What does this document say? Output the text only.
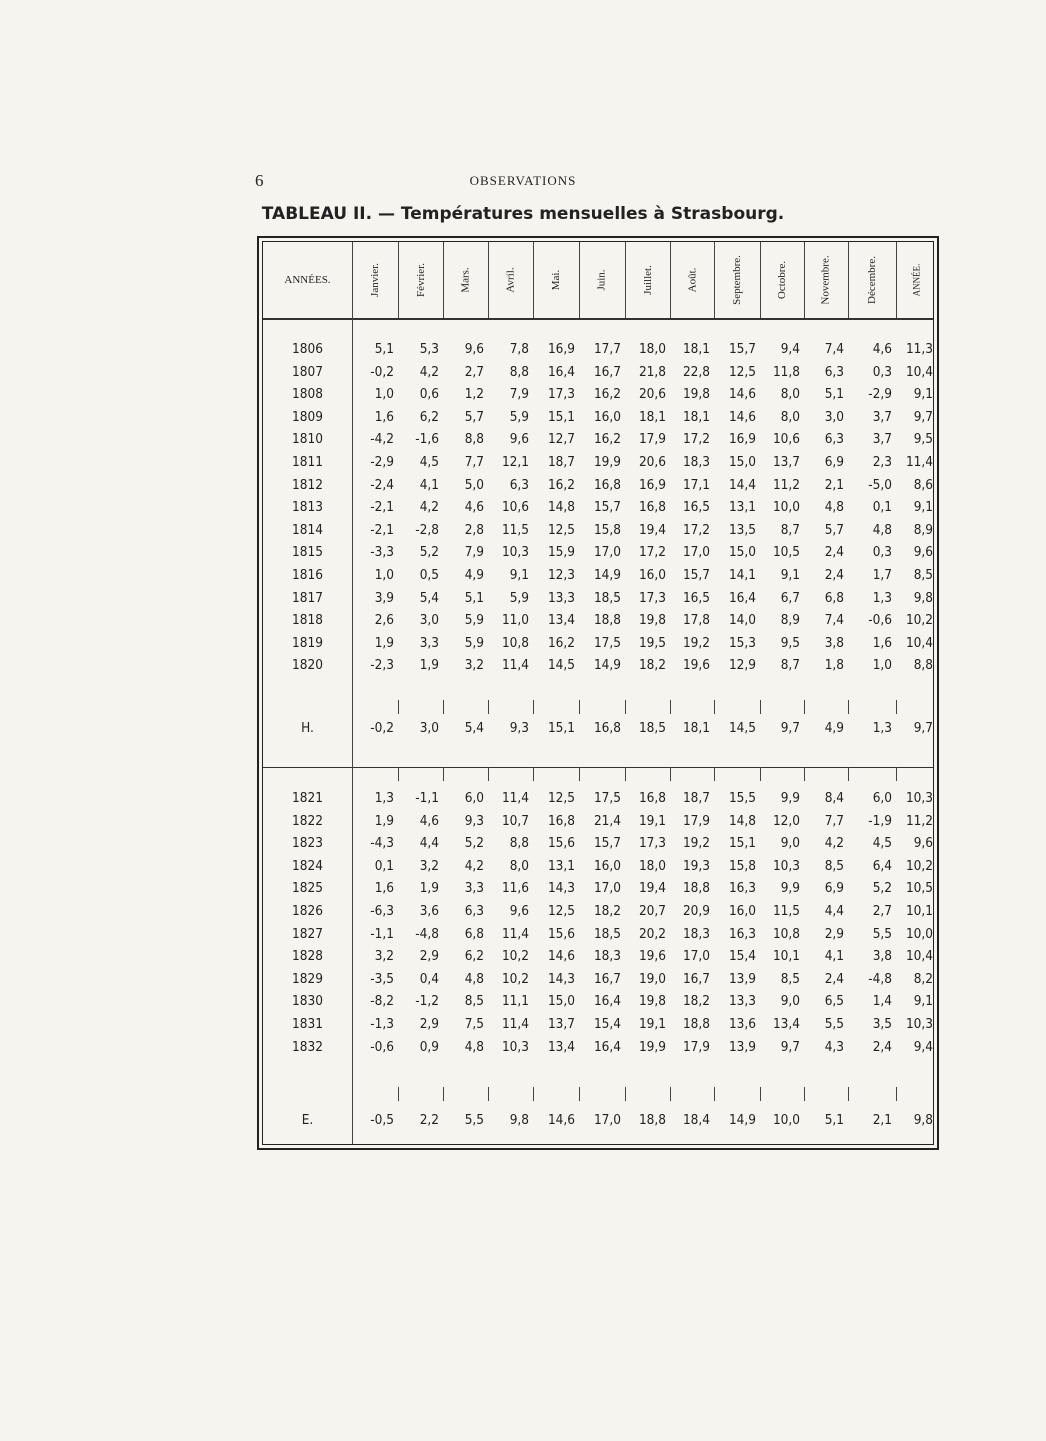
6	OBSERVATIONS
TABLEAU II. — Températures mensuelles à Strasbourg.
ANNÉES.	Janvier.	Février.	Mars.	Avril.	Mai.	Juin.	Juillet.	Août.	Septembre.	Octobre.	Novembre.	Décembre.	ANNÉE.
1806	5,1	5,3	9,6	7,8	16,9	17,7	18,0	18,1	15,7	9,4	7,4	4,6	11,3
1807	-0,2	4,2	2,7	8,8	16,4	16,7	21,8	22,8	12,5	11,8	6,3	0,3	10,4
1808	1,0	0,6	1,2	7,9	17,3	16,2	20,6	19,8	14,6	8,0	5,1	-2,9	9,1
1809	1,6	6,2	5,7	5,9	15,1	16,0	18,1	18,1	14,6	8,0	3,0	3,7	9,7
1810	-4,2	-1,6	8,8	9,6	12,7	16,2	17,9	17,2	16,9	10,6	6,3	3,7	9,5
1811	-2,9	4,5	7,7	12,1	18,7	19,9	20,6	18,3	15,0	13,7	6,9	2,3	11,4
1812	-2,4	4,1	5,0	6,3	16,2	16,8	16,9	17,1	14,4	11,2	2,1	-5,0	8,6
1813	-2,1	4,2	4,6	10,6	14,8	15,7	16,8	16,5	13,1	10,0	4,8	0,1	9,1
1814	-2,1	-2,8	2,8	11,5	12,5	15,8	19,4	17,2	13,5	8,7	5,7	4,8	8,9
1815	-3,3	5,2	7,9	10,3	15,9	17,0	17,2	17,0	15,0	10,5	2,4	0,3	9,6
1816	1,0	0,5	4,9	9,1	12,3	14,9	16,0	15,7	14,1	9,1	2,4	1,7	8,5
1817	3,9	5,4	5,1	5,9	13,3	18,5	17,3	16,5	16,4	6,7	6,8	1,3	9,8
1818	2,6	3,0	5,9	11,0	13,4	18,8	19,8	17,8	14,0	8,9	7,4	-0,6	10,2
1819	1,9	3,3	5,9	10,8	16,2	17,5	19,5	19,2	15,3	9,5	3,8	1,6	10,4
1820	-2,3	1,9	3,2	11,4	14,5	14,9	18,2	19,6	12,9	8,7	1,8	1,0	8,8
H.	-0,2	3,0	5,4	9,3	15,1	16,8	18,5	18,1	14,5	9,7	4,9	1,3	9,7
1821	1,3	-1,1	6,0	11,4	12,5	17,5	16,8	18,7	15,5	9,9	8,4	6,0	10,3
1822	1,9	4,6	9,3	10,7	16,8	21,4	19,1	17,9	14,8	12,0	7,7	-1,9	11,2
1823	-4,3	4,4	5,2	8,8	15,6	15,7	17,3	19,2	15,1	9,0	4,2	4,5	9,6
1824	0,1	3,2	4,2	8,0	13,1	16,0	18,0	19,3	15,8	10,3	8,5	6,4	10,2
1825	1,6	1,9	3,3	11,6	14,3	17,0	19,4	18,8	16,3	9,9	6,9	5,2	10,5
1826	-6,3	3,6	6,3	9,6	12,5	18,2	20,7	20,9	16,0	11,5	4,4	2,7	10,1
1827	-1,1	-4,8	6,8	11,4	15,6	18,5	20,2	18,3	16,3	10,8	2,9	5,5	10,0
1828	3,2	2,9	6,2	10,2	14,6	18,3	19,6	17,0	15,4	10,1	4,1	3,8	10,4
1829	-3,5	0,4	4,8	10,2	14,3	16,7	19,0	16,7	13,9	8,5	2,4	-4,8	8,2
1830	-8,2	-1,2	8,5	11,1	15,0	16,4	19,8	18,2	13,3	9,0	6,5	1,4	9,1
1831	-1,3	2,9	7,5	11,4	13,7	15,4	19,1	18,8	13,6	13,4	5,5	3,5	10,3
1832	-0,6	0,9	4,8	10,3	13,4	16,4	19,9	17,9	13,9	9,7	4,3	2,4	9,4
E.	-0,5	2,2	5,5	9,8	14,6	17,0	18,8	18,4	14,9	10,0	5,1	2,1	9,8
